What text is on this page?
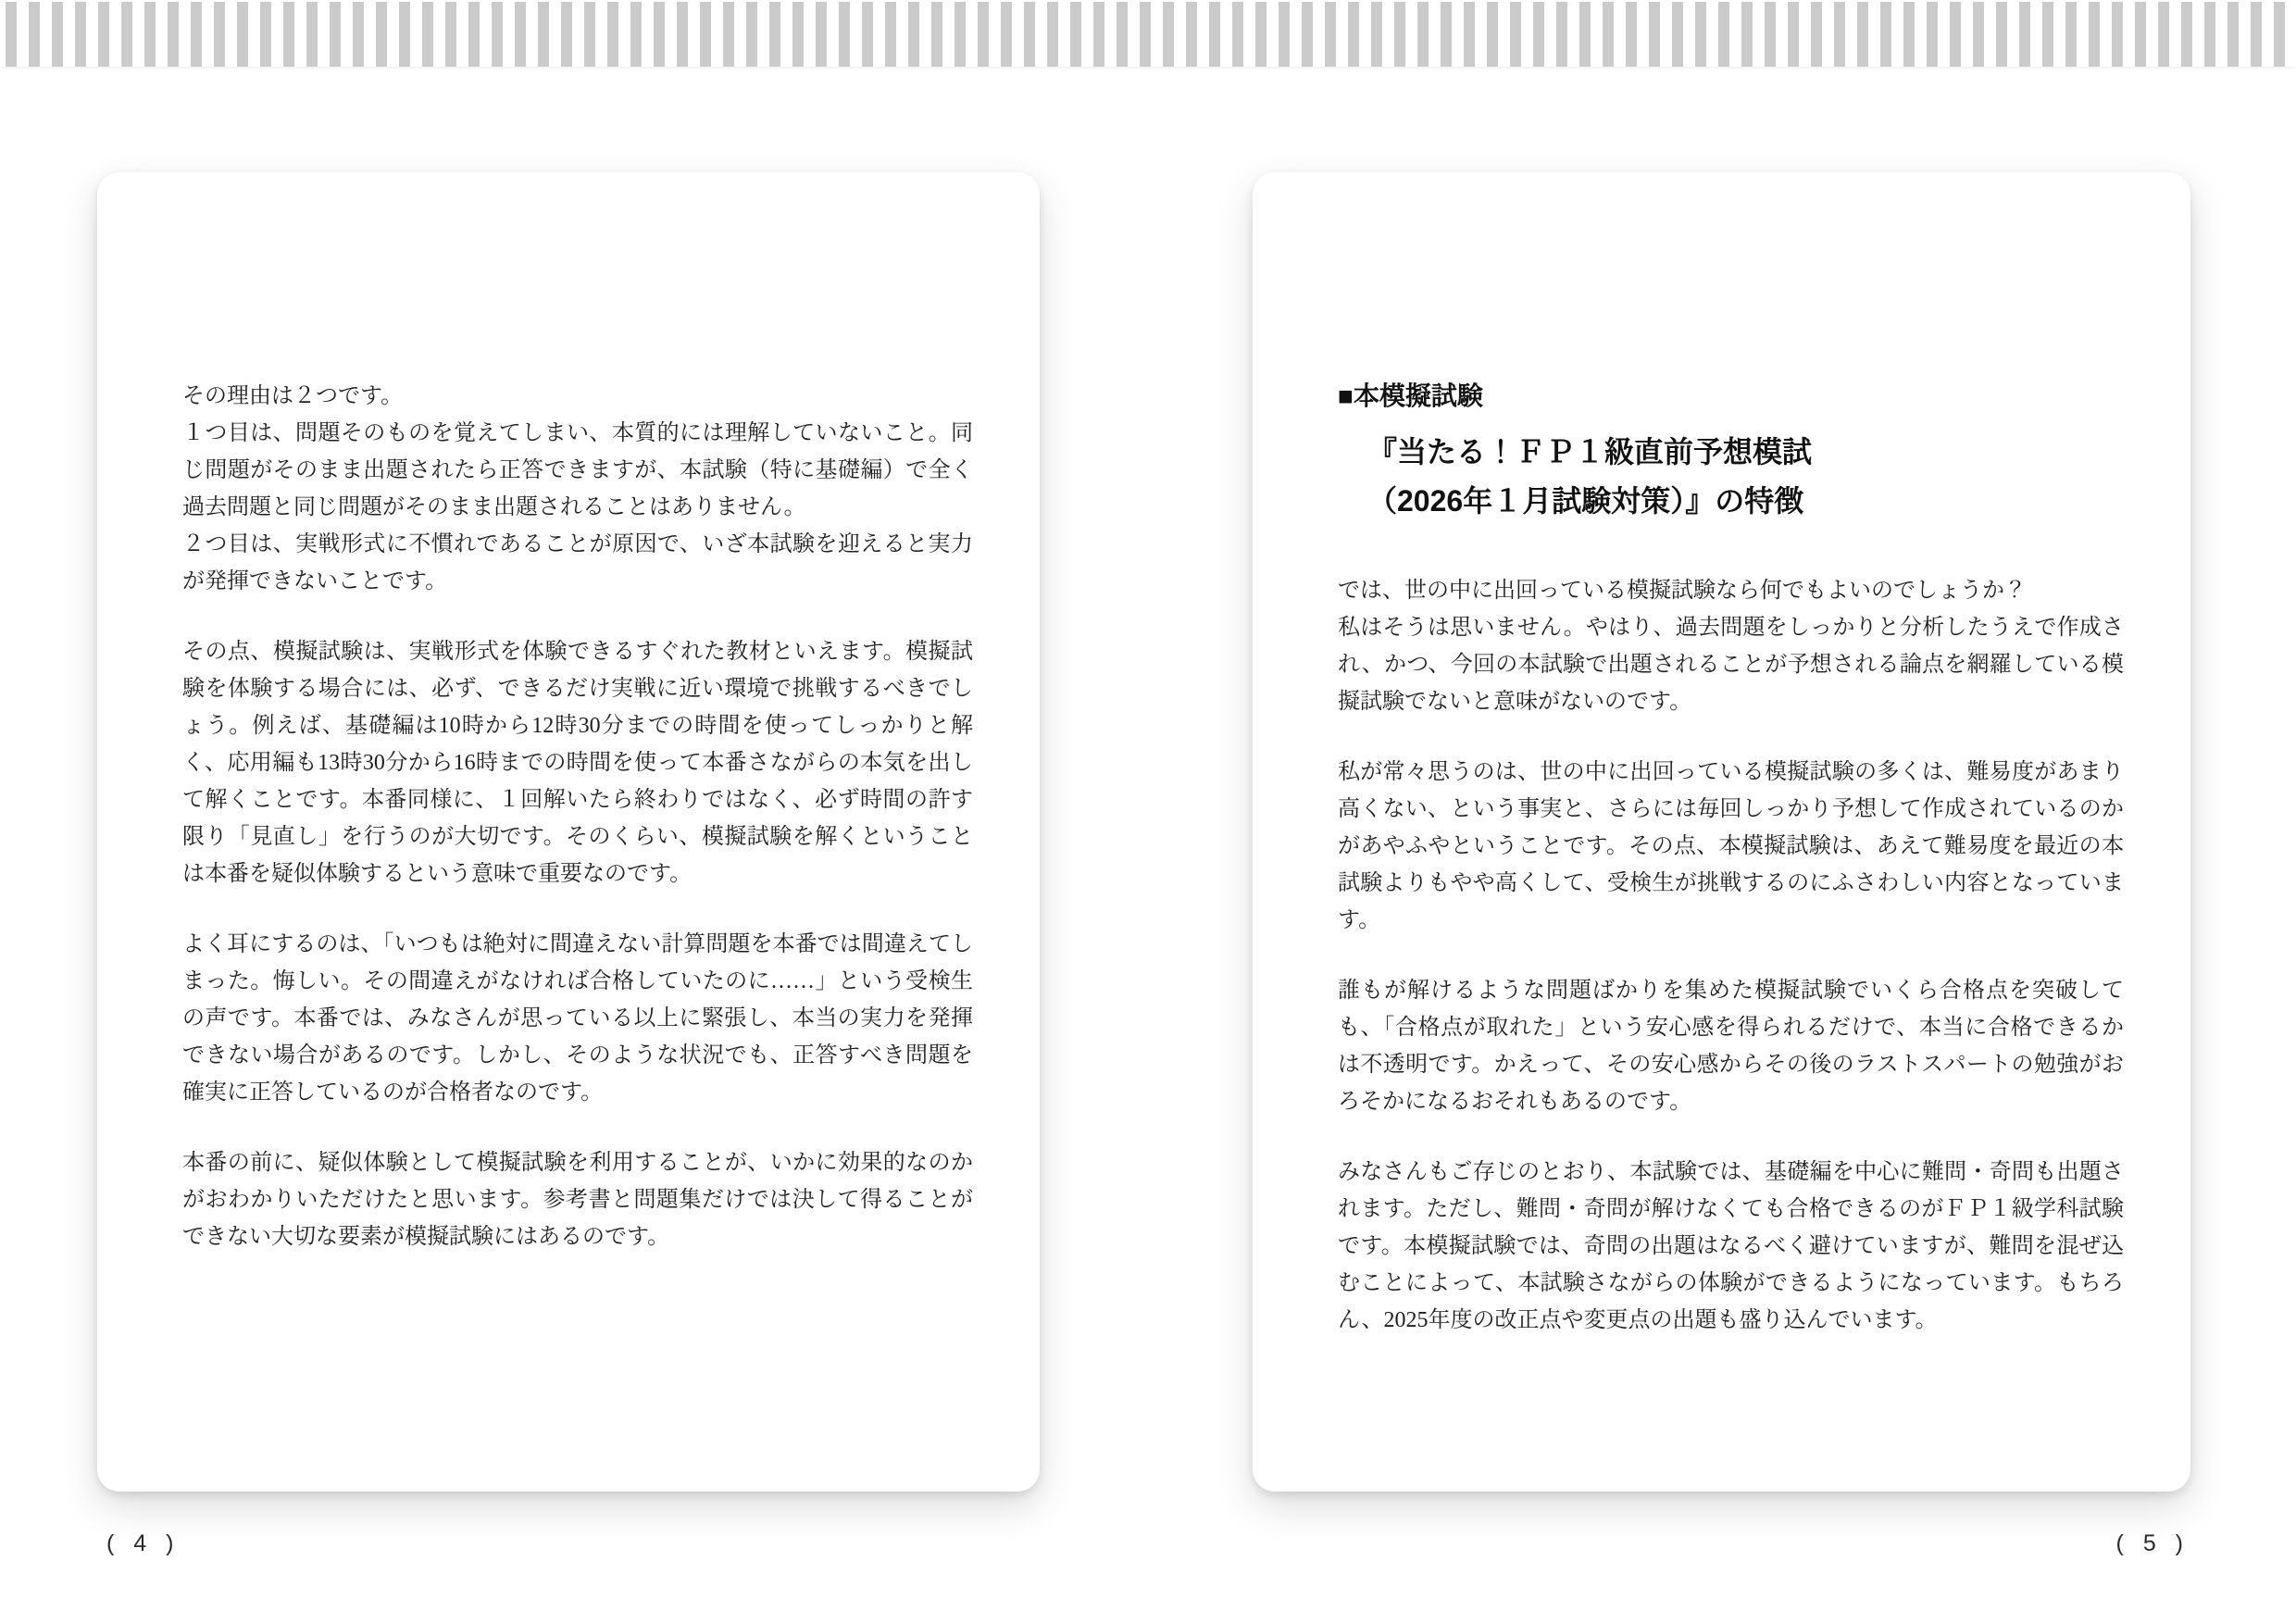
その理由は２つです。

１つ目は、問題そのものを覚えてしまい、本質的には理解していないこと。同じ問題がそのまま出題されたら正答できますが、本試験（特に基礎編）で全く過去問題と同じ問題がそのまま出題されることはありません。

２つ目は、実戦形式に不慣れであることが原因で、いざ本試験を迎えると実力が発揮できないことです。

その点、模擬試験は、実戦形式を体験できるすぐれた教材といえます。模擬試験を体験する場合には、必ず、できるだけ実戦に近い環境で挑戦するべきでしょう。例えば、基礎編は10時から12時30分までの時間を使ってしっかりと解く、応用編も13時30分から16時までの時間を使って本番さながらの本気を出して解くことです。本番同様に、１回解いたら終わりではなく、必ず時間の許す限り「見直し」を行うのが大切です。そのくらい、模擬試験を解くということは本番を疑似体験するという意味で重要なのです。

よく耳にするのは、「いつもは絶対に間違えない計算問題を本番では間違えてしまった。悔しい。その間違えがなければ合格していたのに……」という受検生の声です。本番では、みなさんが思っている以上に緊張し、本当の実力を発揮できない場合があるのです。しかし、そのような状況でも、正答すべき問題を確実に正答しているのが合格者なのです。

本番の前に、疑似体験として模擬試験を利用することが、いかに効果的なのかがおわかりいただけたと思います。参考書と問題集だけでは決して得ることができない大切な要素が模擬試験にはあるのです。

■本模擬試験

『当たる！ＦＰ１級直前予想模試

（2026年１月試験対策）』の特徴

では、世の中に出回っている模擬試験なら何でもよいのでしょうか？

私はそうは思いません。やはり、過去問題をしっかりと分析したうえで作成され、かつ、今回の本試験で出題されることが予想される論点を網羅している模擬試験でないと意味がないのです。

私が常々思うのは、世の中に出回っている模擬試験の多くは、難易度があまり高くない、という事実と、さらには毎回しっかり予想して作成されているのかがあやふやということです。その点、本模擬試験は、あえて難易度を最近の本試験よりもやや高くして、受検生が挑戦するのにふさわしい内容となっています。

誰もが解けるような問題ばかりを集めた模擬試験でいくら合格点を突破しても、「合格点が取れた」という安心感を得られるだけで、本当に合格できるかは不透明です。かえって、その安心感からその後のラストスパートの勉強がおろそかになるおそれもあるのです。

みなさんもご存じのとおり、本試験では、基礎編を中心に難問・奇問も出題されます。ただし、難問・奇問が解けなくても合格できるのがＦＰ１級学科試験です。本模擬試験では、奇問の出題はなるべく避けていますが、難問を混ぜ込むことによって、本試験さながらの体験ができるようになっています。もちろん、2025年度の改正点や変更点の出題も盛り込んでいます。

( 4 )	( 5 )
